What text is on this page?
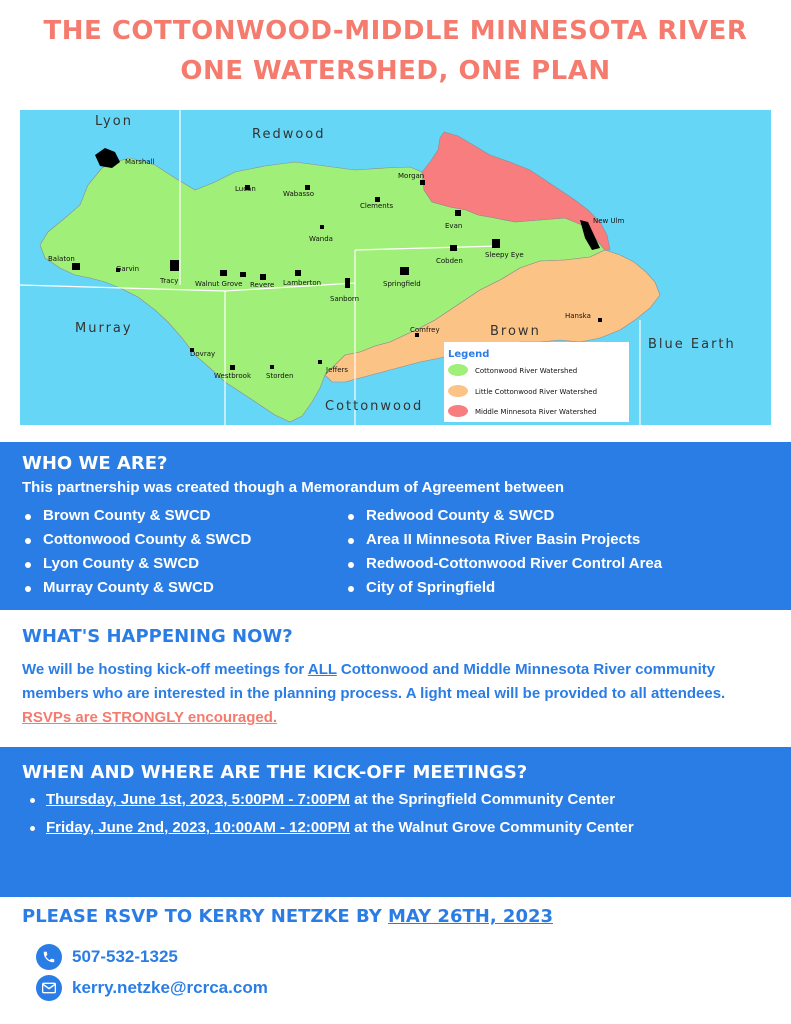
THE COTTONWOOD-MIDDLE MINNESOTA RIVER
ONE WATERSHED, ONE PLAN
Lyon
Redwood
Murray	Brown
Blue Earth
Cottonwood
Marshall
Lucan
Wabasso
Morgan
Clements
New Ulm
Evan
Wanda
Cobden
Sleepy Eye
Balaton
Garvin
Tracy Walnut Grove Revere Lamberton
Sanborn
Springfield
Hanska
Comfrey
Dovray
Westbrook Storden
Jeffers
Legend
Cottonwood River Watershed
Little Cottonwood River Watershed
Middle Minnesota River Watershed
WHO WE ARE?
This partnership was created though a Memorandum of Agreement between
Brown County & SWCD
Cottonwood County & SWCD
Lyon County & SWCD
Murray County & SWCD
Redwood County & SWCD
Area II Minnesota River Basin Projects
Redwood-Cottonwood River Control Area
City of Springfield
WHAT'S HAPPENING NOW?

We will be hosting kick-off meetings for ALL Cottonwood and Middle Minnesota River community members who are interested in the planning process. A light meal will be provided to all attendees. RSVPs are STRONGLY encouraged.

WHEN AND WHERE ARE THE KICK-OFF MEETINGS?
Thursday, June 1st, 2023, 5:00PM - 7:00PM at the Springfield Community Center
Friday, June 2nd, 2023, 10:00AM - 12:00PM at the Walnut Grove Community Center
PLEASE RSVP TO KERRY NETZKE BY MAY 26TH, 2023
507-532-1325
kerry.netzke@rcrca.com
